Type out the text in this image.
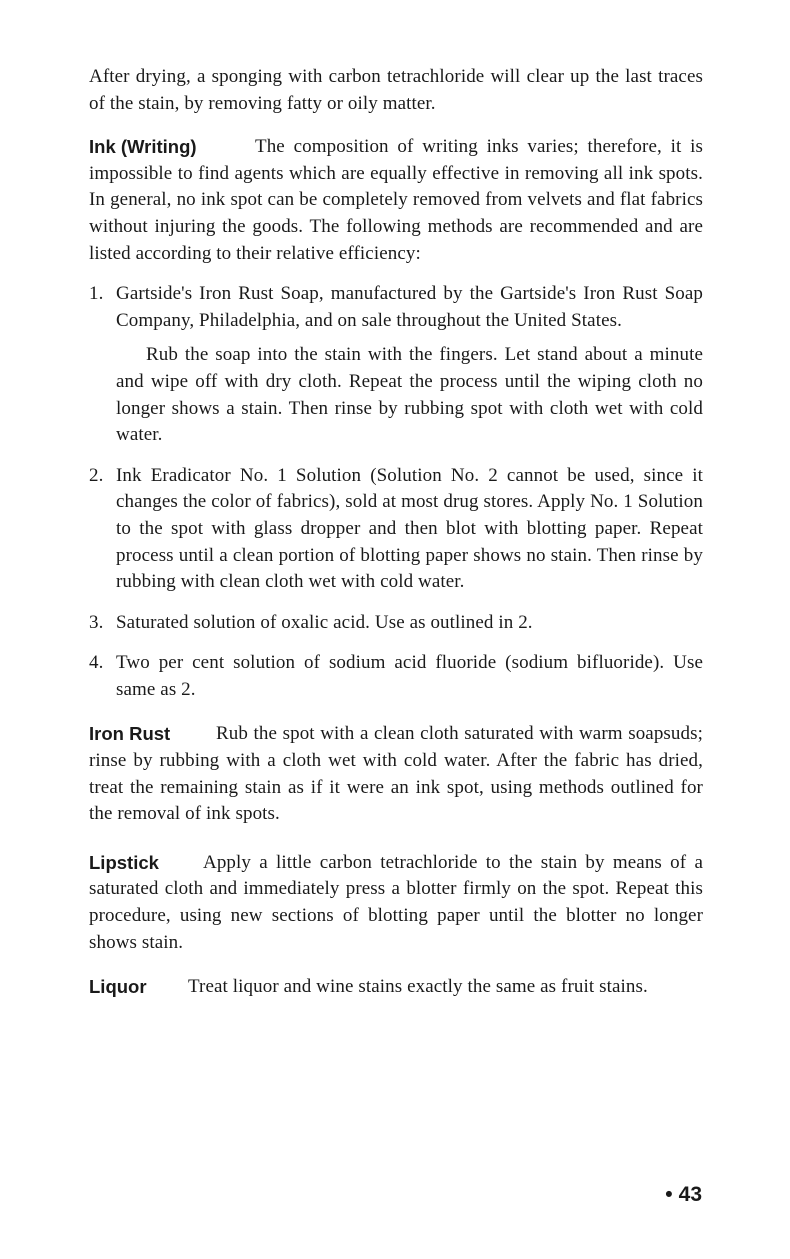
After drying, a sponging with carbon tetrachloride will clear up the last traces of the stain, by removing fatty or oily matter.

Ink (Writing)	The composition of writing inks varies; therefore, it is impossible to find agents which are equally effective in removing all ink spots. In general, no ink spot can be completely removed from velvets and flat fabrics without injuring the goods. The following methods are recommended and are listed according to their relative efficiency:

1. Gartside's Iron Rust Soap, manufactured by the Gartside's Iron Rust Soap Company, Philadelphia, and on sale throughout the United States.

Rub the soap into the stain with the fingers. Let stand about a minute and wipe off with dry cloth. Repeat the process until the wiping cloth no longer shows a stain. Then rinse by rubbing spot with cloth wet with cold water.

2. Ink Eradicator No. 1 Solution (Solution No. 2 cannot be used, since it changes the color of fabrics), sold at most drug stores. Apply No. 1 Solution to the spot with glass dropper and then blot with blotting paper. Repeat process until a clean portion of blotting paper shows no stain. Then rinse by rubbing with clean cloth wet with cold water.

3. Saturated solution of oxalic acid. Use as outlined in 2.

4. Two per cent solution of sodium acid fluoride (sodium bifluoride). Use same as 2.

Iron Rust	Rub the spot with a clean cloth saturated with warm soapsuds; rinse by rubbing with a cloth wet with cold water. After the fabric has dried, treat the remaining stain as if it were an ink spot, using methods outlined for the removal of ink spots.

Lipstick	Apply a little carbon tetrachloride to the stain by means of a saturated cloth and immediately press a blotter firmly on the spot. Repeat this procedure, using new sections of blotting paper until the blotter no longer shows stain.

Liquor Treat liquor and wine stains exactly the same as fruit stains.

• 43
